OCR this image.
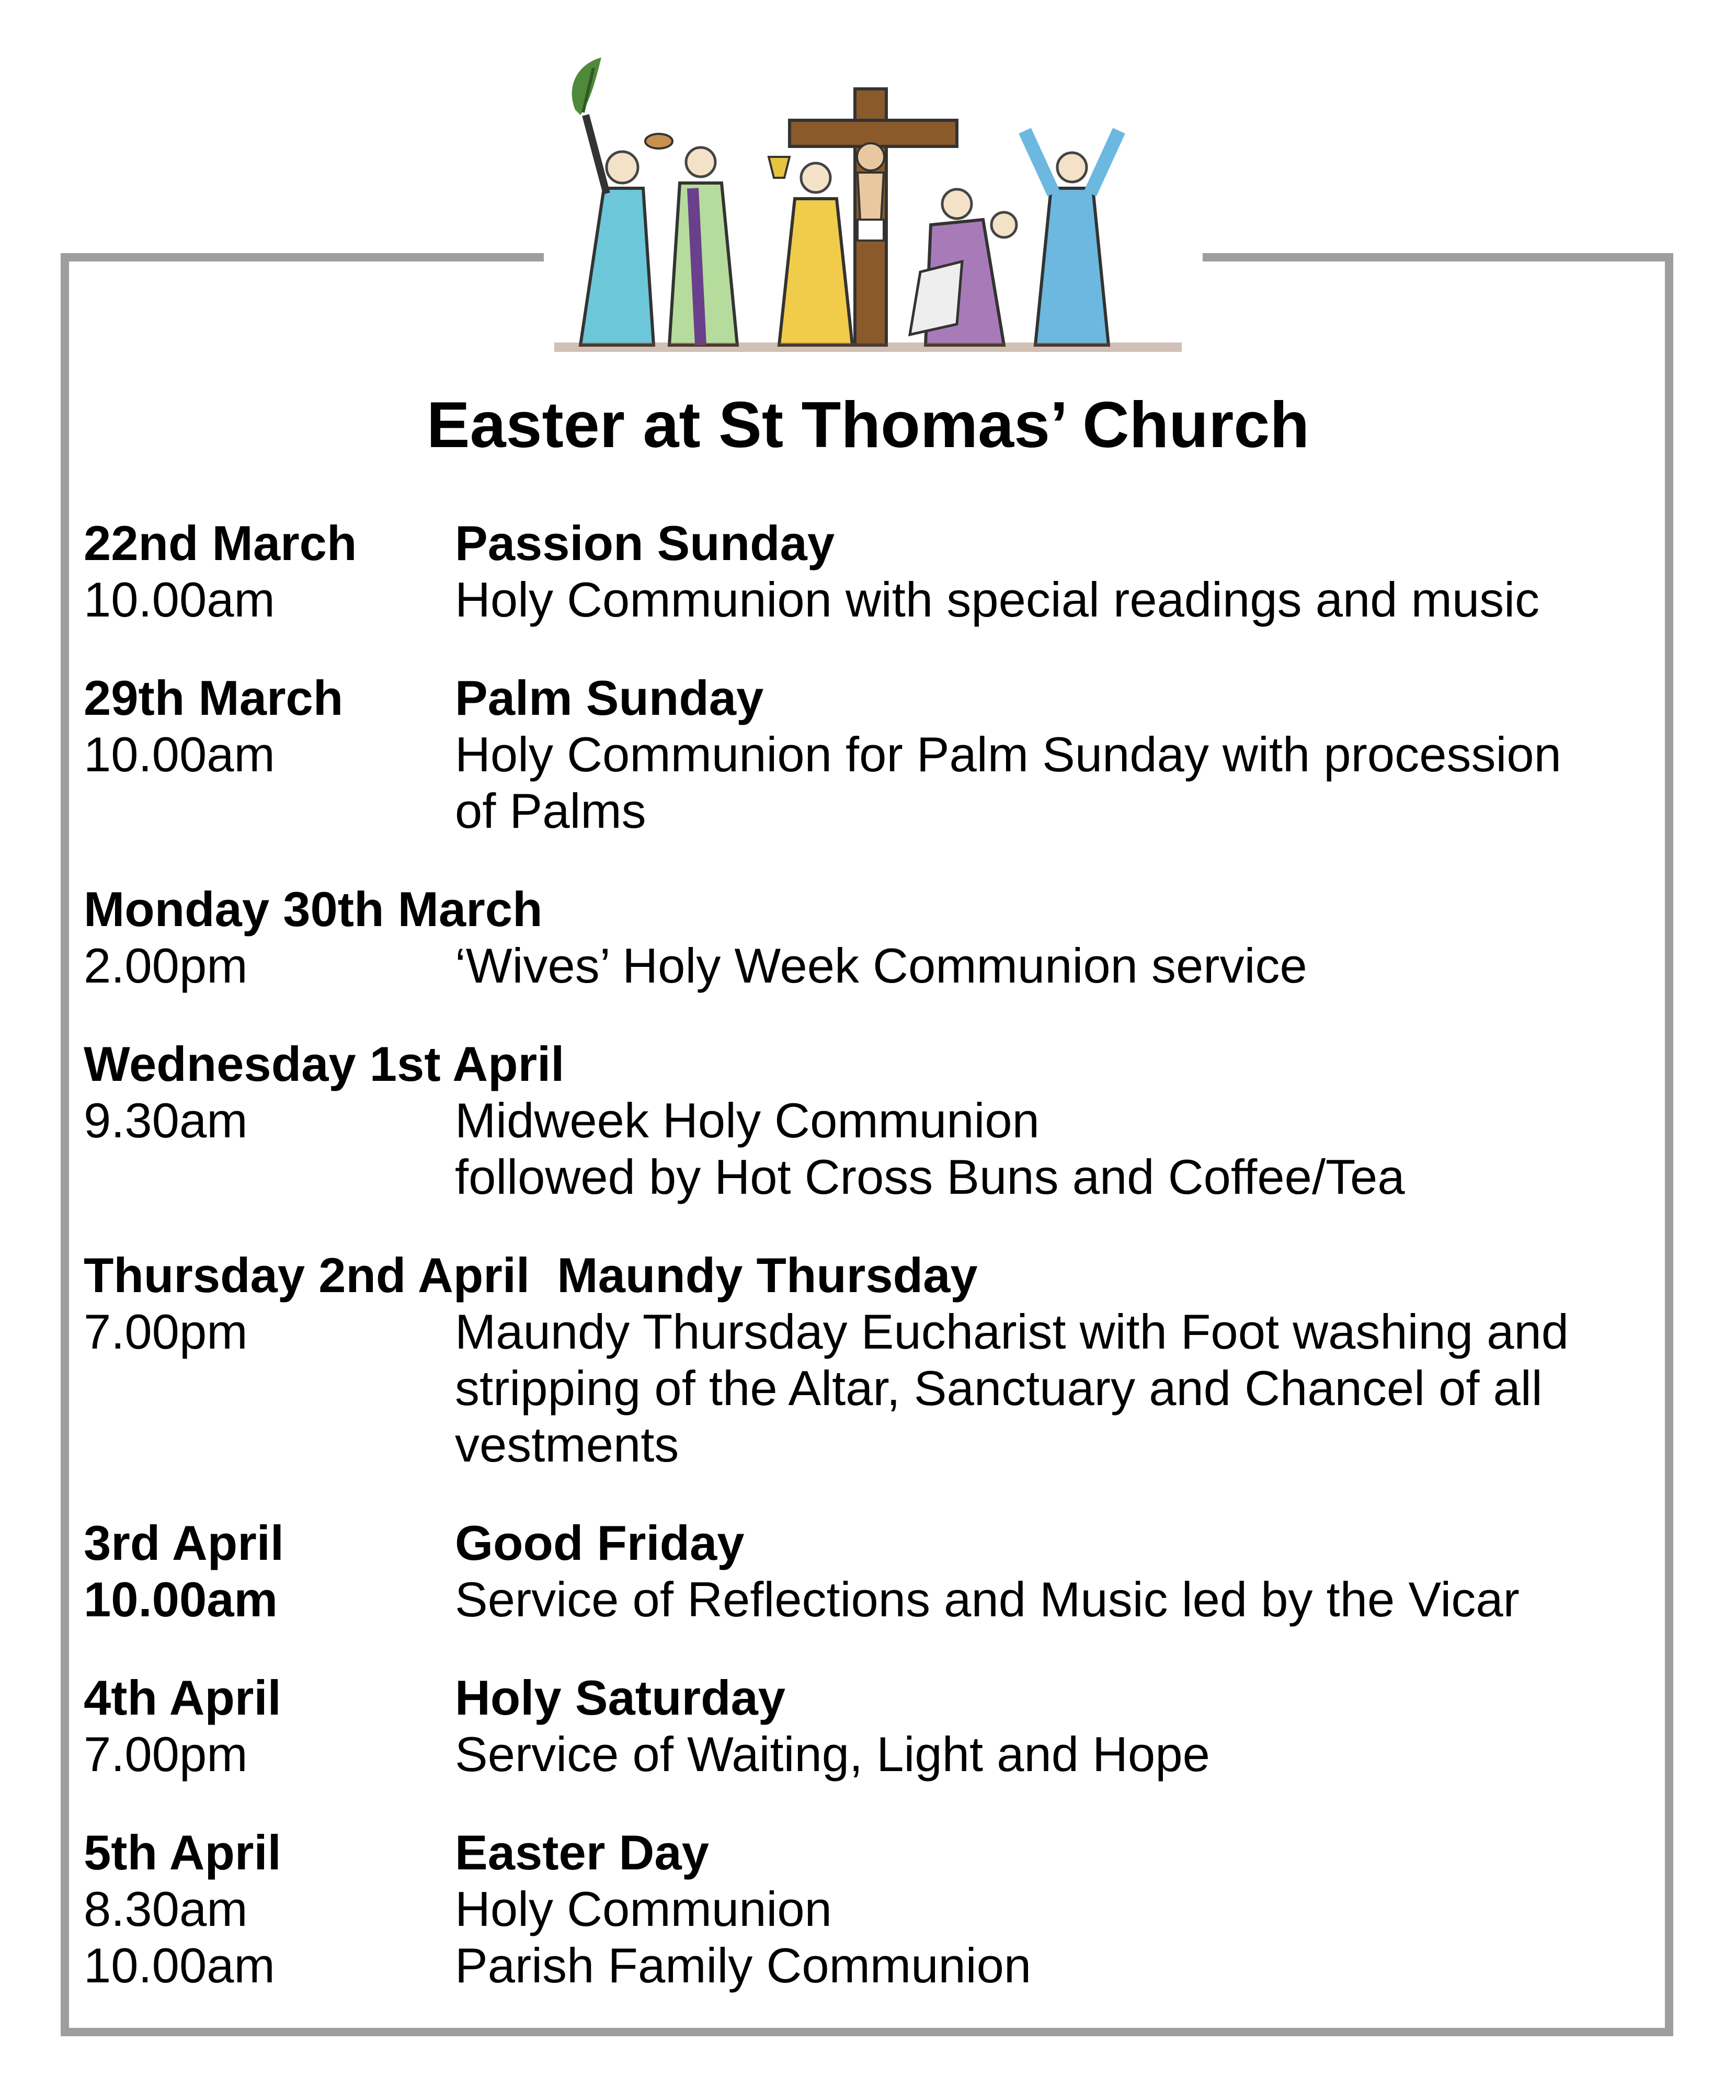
Easter at St Thomas’ Church
22nd March	Passion Sunday
10.00am	Holy Communion with special readings and music
29th March	Palm Sunday
10.00am	Holy Communion for Palm Sunday with procession
of Palms
Monday 30th March
2.00pm	‘Wives’ Holy Week Communion service
Wednesday 1st April
9.30am	Midweek Holy Communion
followed by Hot Cross Buns and Coffee/Tea
Thursday 2nd April  Maundy Thursday
7.00pm	Maundy Thursday Eucharist with Foot washing and
stripping of the Altar, Sanctuary and Chancel of all
vestments
3rd April	Good Friday
10.00am	Service of Reflections and Music led by the Vicar
4th April	Holy Saturday
7.00pm	Service of Waiting, Light and Hope
5th April	Easter Day
8.30am	Holy Communion
10.00am	Parish Family Communion
